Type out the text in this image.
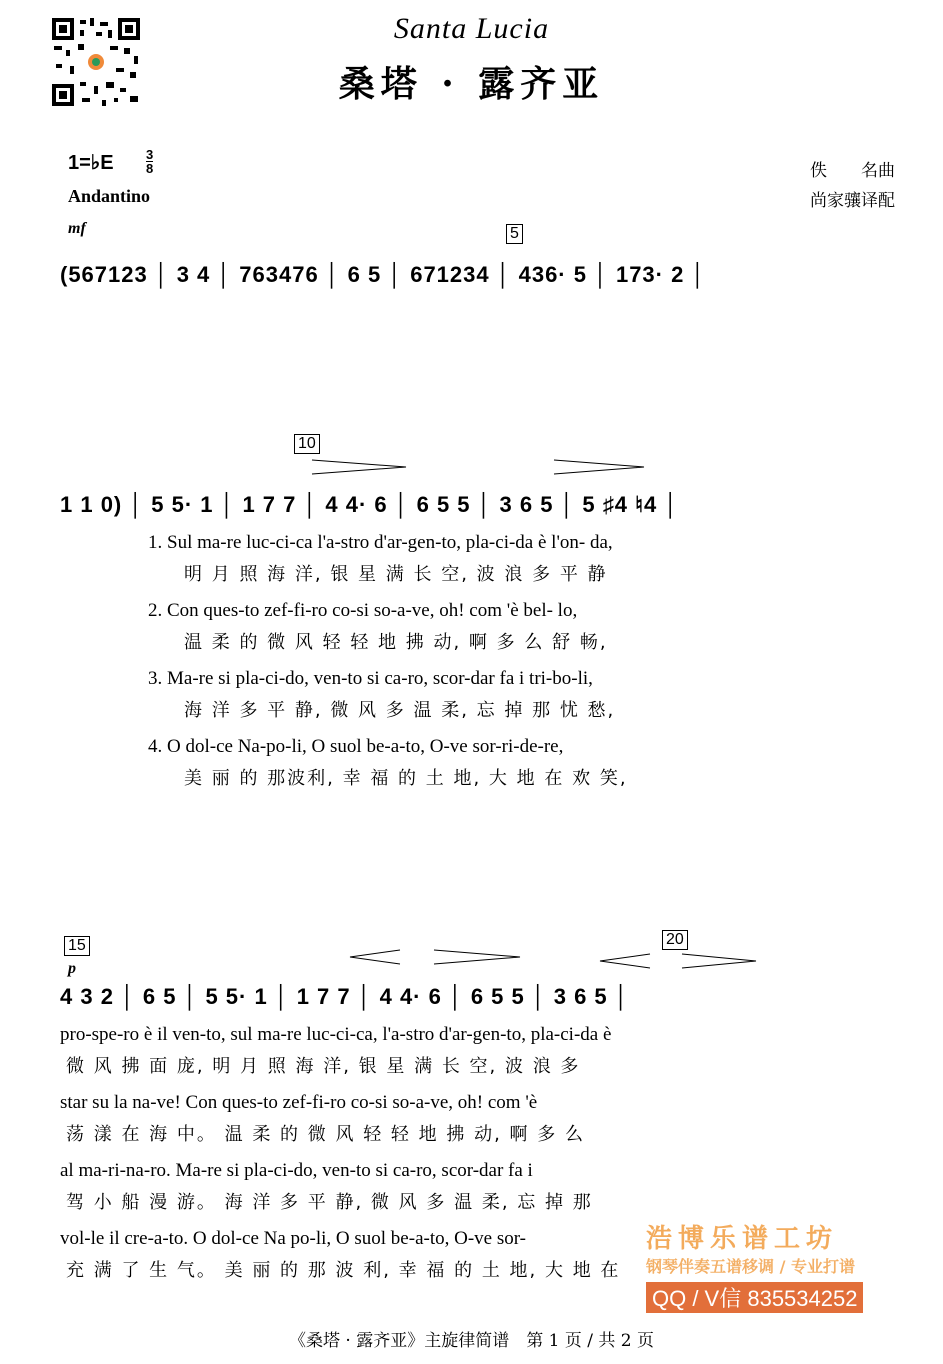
Santa Lucia
桑塔 · 露齐亚
1=♭E $\frac{3}{8}$
Andantino
佚　　名曲
尚家骧译配
mf	5
(567123 │ 3 4 │ 763476 │ 6 5 │ 671234 │ 436· 5 │ 173· 2 │
10
1 1 0) │ 5 5· 1 │ 1 7 7 │ 4 4· 6 │ 6 5 5 │ 3 6 5 │ 5 ♯4 ♮4 │
1. Sul ma-re luc-ci-ca l'a-stro d'ar-gen-to, pla-ci-da è l'on- da,
明 月 照 海 洋, 银 星 满 长 空, 波 浪 多 平 静
2. Con ques-to zef-fi-ro co-si so-a-ve, oh! com 'è bel- lo,
温 柔 的 微 风 轻 轻 地 拂 动, 啊 多 么 舒 畅,
3. Ma-re si pla-ci-do, ven-to si ca-ro, scor-dar fa i tri-bo-li,
海 洋 多 平 静, 微 风 多 温 柔, 忘 掉 那 忧 愁,
4. O dol-ce Na-po-li, O suol be-a-to, O-ve sor-ri-de-re,
美 丽 的 那波利, 幸 福 的 土 地, 大 地 在 欢 笑,
15	20
p
4 3 2 │ 6 5 │ 5 5· 1 │ 1 7 7 │ 4 4· 6 │ 6 5 5 │ 3 6 5 │
pro-spe-ro è il ven-to, sul ma-re luc-ci-ca, l'a-stro d'ar-gen-to, pla-ci-da è
微 风 拂 面 庞, 明 月 照 海 洋, 银 星 满 长 空, 波 浪 多
star su la na-ve! Con ques-to zef-fi-ro co-si so-a-ve, oh! com 'è
荡 漾 在 海 中。 温 柔 的 微 风 轻 轻 地 拂 动, 啊 多 么
al ma-ri-na-ro. Ma-re si pla-ci-do, ven-to si ca-ro, scor-dar fa i
驾 小 船 漫 游。 海 洋 多 平 静, 微 风 多 温 柔, 忘 掉 那
vol-le il cre-a-to. O dol-ce Na po-li, O suol be-a-to, O-ve sor-
充 满 了 生 气。 美 丽 的 那 波 利, 幸 福 的 土 地, 大 地 在
浩博乐谱工坊
钢琴伴奏五谱移调 / 专业打谱
QQ / V信 835534252
《桑塔 · 露齐亚》主旋律简谱　第 1 页 / 共 2 页
